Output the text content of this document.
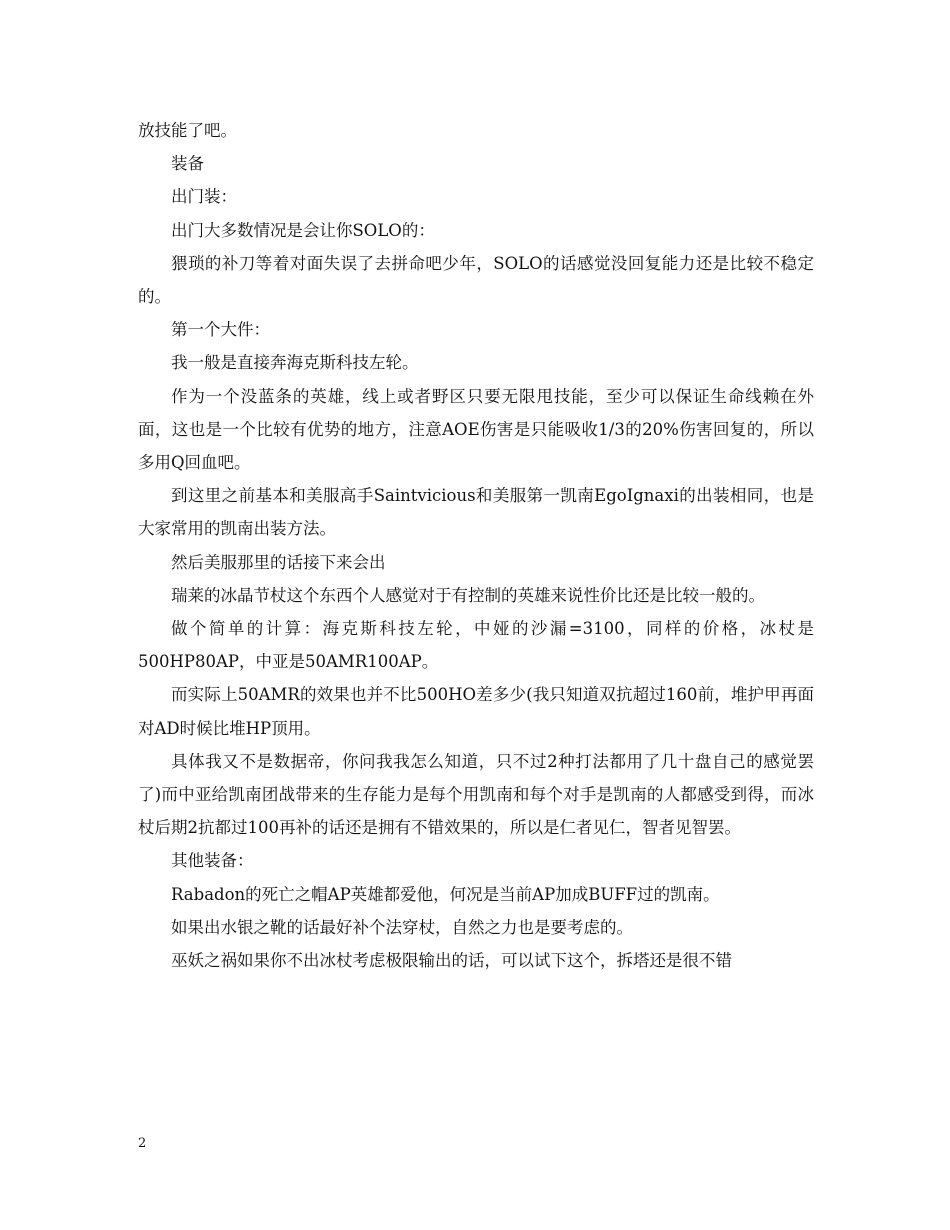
放技能了吧。

装备

出门装：

出门大多数情况是会让你SOLO的：

猥琐的补刀等着对面失误了去拼命吧少年，SOLO的话感觉没回复能力还是比较不稳定的。

第一个大件：

我一般是直接奔海克斯科技左轮。

作为一个没蓝条的英雄，线上或者野区只要无限甩技能，至少可以保证生命线赖在外面，这也是一个比较有优势的地方，注意AOE伤害是只能吸收1/3的20%伤害回复的，所以多用Q回血吧。

到这里之前基本和美服高手Saintvicious和美服第一凯南EgoIgnaxi的出装相同，也是大家常用的凯南出装方法。

然后美服那里的话接下来会出

瑞莱的冰晶节杖这个东西个人感觉对于有控制的英雄来说性价比还是比较一般的。

做个简单的计算：海克斯科技左轮，中娅的沙漏=3100，同样的价格，冰杖是500HP80AP，中亚是50AMR100AP。

而实际上50AMR的效果也并不比500HO差多少(我只知道双抗超过160前，堆护甲再面对AD时候比堆HP顶用。

具体我又不是数据帝，你问我我怎么知道，只不过2种打法都用了几十盘自己的感觉罢了)而中亚给凯南团战带来的生存能力是每个用凯南和每个对手是凯南的人都感受到得，而冰杖后期2抗都过100再补的话还是拥有不错效果的，所以是仁者见仁，智者见智罢。

其他装备：

Rabadon的死亡之帽AP英雄都爱他，何况是当前AP加成BUFF过的凯南。

如果出水银之靴的话最好补个法穿杖，自然之力也是要考虑的。

巫妖之祸如果你不出冰杖考虑极限输出的话，可以试下这个，拆塔还是很不错

2
